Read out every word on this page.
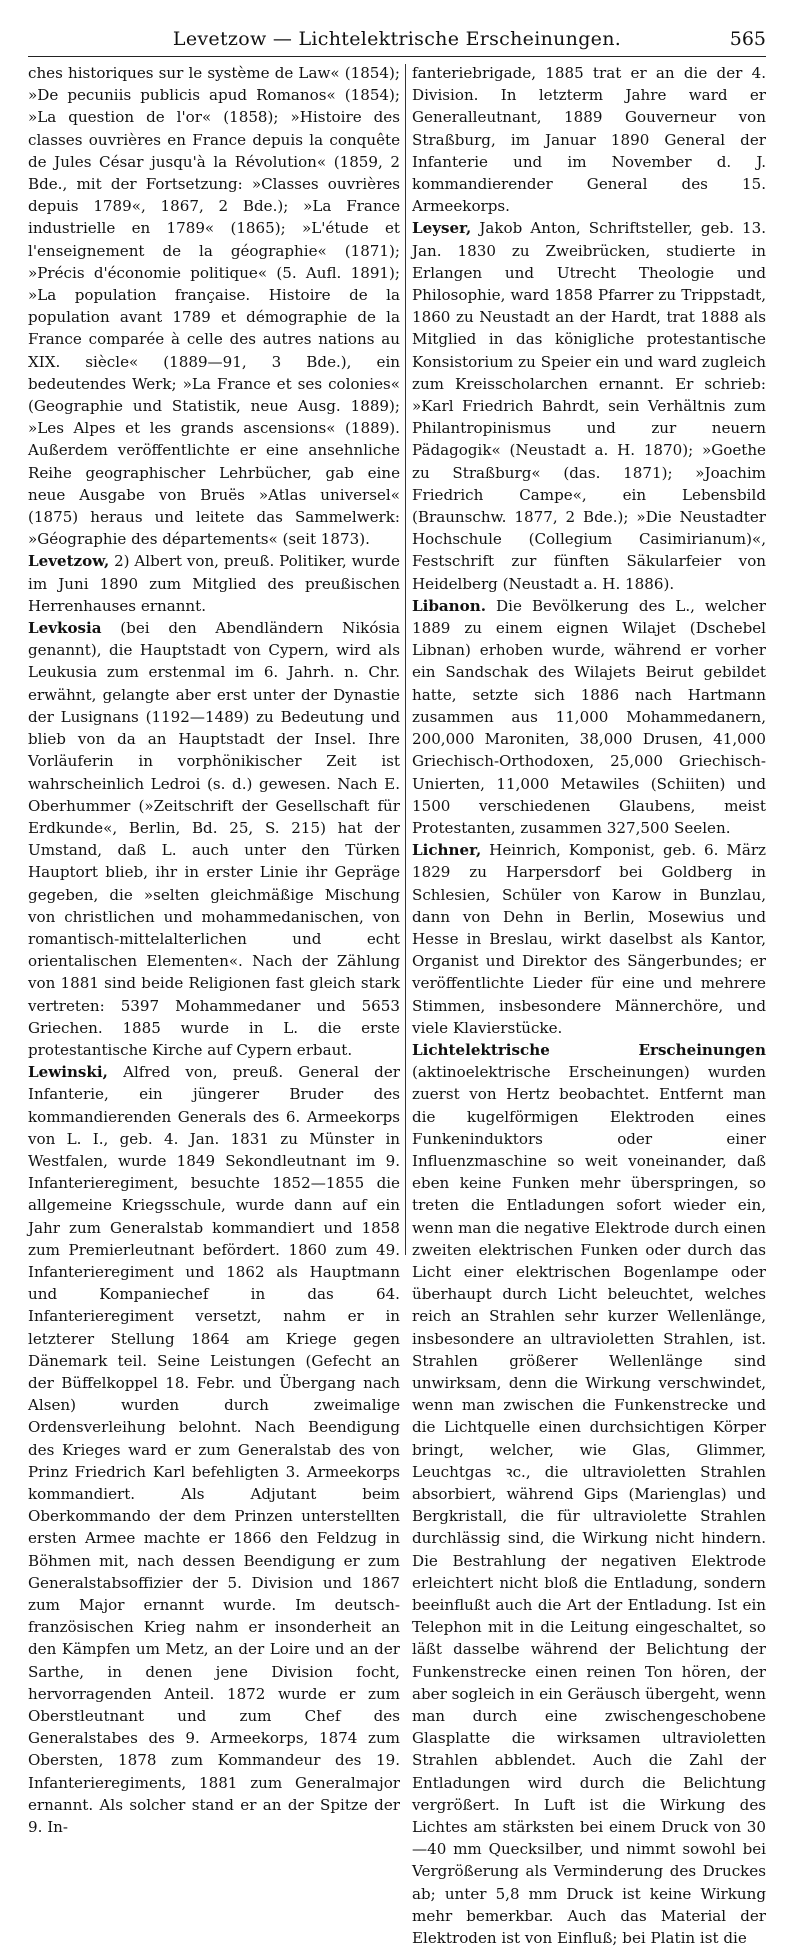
Levetzow — Lichtelektrische Erscheinungen.	565

ches historiques sur le système de Law« (1854); »De pecuniis publicis apud Romanos« (1854); »La question de l'or« (1858); »Histoire des classes ouvrières en France depuis la conquête de Jules César jusqu'à la Révolution« (1859, 2 Bde., mit der Fortsetzung: »Classes ouvrières depuis 1789«, 1867, 2 Bde.); »La France industrielle en 1789« (1865); »L'étude et l'enseignement de la géographie« (1871); »Précis d'économie politique« (5. Aufl. 1891); »La population française. Histoire de la population avant 1789 et démographie de la France comparée à celle des autres nations au XIX. siècle« (1889—91, 3 Bde.), ein bedeutendes Werk; »La France et ses colonies« (Geographie und Statistik, neue Ausg. 1889); »Les Alpes et les grands ascensions« (1889). Außerdem veröffentlichte er eine ansehnliche Reihe geographischer Lehrbücher, gab eine neue Ausgabe von Bruës »Atlas universel« (1875) heraus und leitete das Sammelwerk: »Géographie des départements« (seit 1873).

Levetzow, 2) Albert von, preuß. Politiker, wurde im Juni 1890 zum Mitglied des preußischen Herrenhauses ernannt.

Levkosia (bei den Abendländern Nikósia genannt), die Hauptstadt von Cypern, wird als Leukusia zum erstenmal im 6. Jahrh. n. Chr. erwähnt, gelangte aber erst unter der Dynastie der Lusignans (1192—1489) zu Bedeutung und blieb von da an Hauptstadt der Insel. Ihre Vorläuferin in vorphönikischer Zeit ist wahrscheinlich Ledroi (s. d.) gewesen. Nach E. Oberhummer (»Zeitschrift der Gesellschaft für Erdkunde«, Berlin, Bd. 25, S. 215) hat der Umstand, daß L. auch unter den Türken Hauptort blieb, ihr in erster Linie ihr Gepräge gegeben, die »selten gleichmäßige Mischung von christlichen und mohammedanischen, von romantisch-mittelalterlichen und echt orientalischen Elementen«. Nach der Zählung von 1881 sind beide Religionen fast gleich stark vertreten: 5397 Mohammedaner und 5653 Griechen. 1885 wurde in L. die erste protestantische Kirche auf Cypern erbaut.

Lewinski, Alfred von, preuß. General der Infanterie, ein jüngerer Bruder des kommandierenden Generals des 6. Armeekorps von L. I., geb. 4. Jan. 1831 zu Münster in Westfalen, wurde 1849 Sekondleutnant im 9. Infanterieregiment, besuchte 1852—1855 die allgemeine Kriegsschule, wurde dann auf ein Jahr zum Generalstab kommandiert und 1858 zum Premierleutnant befördert. 1860 zum 49. Infanterieregiment und 1862 als Hauptmann und Kompaniechef in das 64. Infanterieregiment versetzt, nahm er in letzterer Stellung 1864 am Kriege gegen Dänemark teil. Seine Leistungen (Gefecht an der Büffelkoppel 18. Febr. und Übergang nach Alsen) wurden durch zweimalige Ordensverleihung belohnt. Nach Beendigung des Krieges ward er zum Generalstab des von Prinz Friedrich Karl befehligten 3. Armeekorps kommandiert. Als Adjutant beim Oberkommando der dem Prinzen unterstellten ersten Armee machte er 1866 den Feldzug in Böhmen mit, nach dessen Beendigung er zum Generalstabsoffizier der 5. Division und 1867 zum Major ernannt wurde. Im deutsch-französischen Krieg nahm er insonderheit an den Kämpfen um Metz, an der Loire und an der Sarthe, in denen jene Division focht, hervorragenden Anteil. 1872 wurde er zum Oberstleutnant und zum Chef des Generalstabes des 9. Armeekorps, 1874 zum Obersten, 1878 zum Kommandeur des 19. Infanterieregiments, 1881 zum Generalmajor ernannt. Als solcher stand er an der Spitze der 9. In-

fanteriebrigade, 1885 trat er an die der 4. Division. In letzterm Jahre ward er Generalleutnant, 1889 Gouverneur von Straßburg, im Januar 1890 General der Infanterie und im November d. J. kommandierender General des 15. Armeekorps.

Leyser, Jakob Anton, Schriftsteller, geb. 13. Jan. 1830 zu Zweibrücken, studierte in Erlangen und Utrecht Theologie und Philosophie, ward 1858 Pfarrer zu Trippstadt, 1860 zu Neustadt an der Hardt, trat 1888 als Mitglied in das königliche protestantische Konsistorium zu Speier ein und ward zugleich zum Kreisscholarchen ernannt. Er schrieb: »Karl Friedrich Bahrdt, sein Verhältnis zum Philantropinismus und zur neuern Pädagogik« (Neustadt a. H. 1870); »Goethe zu Straßburg« (das. 1871); »Joachim Friedrich Campe«, ein Lebensbild (Braunschw. 1877, 2 Bde.); »Die Neustadter Hochschule (Collegium Casimirianum)«, Festschrift zur fünften Säkularfeier von Heidelberg (Neustadt a. H. 1886).

Libanon. Die Bevölkerung des L., welcher 1889 zu einem eignen Wilajet (Dschebel Libnan) erhoben wurde, während er vorher ein Sandschak des Wilajets Beirut gebildet hatte, setzte sich 1886 nach Hartmann zusammen aus 11,000 Mohammedanern, 200,000 Maroniten, 38,000 Drusen, 41,000 Griechisch-Orthodoxen, 25,000 Griechisch-Unierten, 11,000 Metawiles (Schiiten) und 1500 verschiedenen Glaubens, meist Protestanten, zusammen 327,500 Seelen.

Lichner, Heinrich, Komponist, geb. 6. März 1829 zu Harpersdorf bei Goldberg in Schlesien, Schüler von Karow in Bunzlau, dann von Dehn in Berlin, Mosewius und Hesse in Breslau, wirkt daselbst als Kantor, Organist und Direktor des Sängerbundes; er veröffentlichte Lieder für eine und mehrere Stimmen, insbesondere Männerchöre, und viele Klavierstücke.

Lichtelektrische Erscheinungen (aktinoelektrische Erscheinungen) wurden zuerst von Hertz beobachtet. Entfernt man die kugelförmigen Elektroden eines Funkeninduktors oder einer Influenzmaschine so weit voneinander, daß eben keine Funken mehr überspringen, so treten die Entladungen sofort wieder ein, wenn man die negative Elektrode durch einen zweiten elektrischen Funken oder durch das Licht einer elektrischen Bogenlampe oder überhaupt durch Licht beleuchtet, welches reich an Strahlen sehr kurzer Wellenlänge, insbesondere an ultravioletten Strahlen, ist. Strahlen größerer Wellenlänge sind unwirksam, denn die Wirkung verschwindet, wenn man zwischen die Funkenstrecke und die Lichtquelle einen durchsichtigen Körper bringt, welcher, wie Glas, Glimmer, Leuchtgas ꝛc., die ultravioletten Strahlen absorbiert, während Gips (Marienglas) und Bergkristall, die für ultraviolette Strahlen durchlässig sind, die Wirkung nicht hindern. Die Bestrahlung der negativen Elektrode erleichtert nicht bloß die Entladung, sondern beeinflußt auch die Art der Entladung. Ist ein Telephon mit in die Leitung eingeschaltet, so läßt dasselbe während der Belichtung der Funkenstrecke einen reinen Ton hören, der aber sogleich in ein Geräusch übergeht, wenn man durch eine zwischengeschobene Glasplatte die wirksamen ultravioletten Strahlen abblendet. Auch die Zahl der Entladungen wird durch die Belichtung vergrößert. In Luft ist die Wirkung des Lichtes am stärksten bei einem Druck von 30—40 mm Quecksilber, und nimmt sowohl bei Vergrößerung als Verminderung des Druckes ab; unter 5,8 mm Druck ist keine Wirkung mehr bemerkbar. Auch das Material der Elektroden ist von Einfluß; bei Platin ist die
